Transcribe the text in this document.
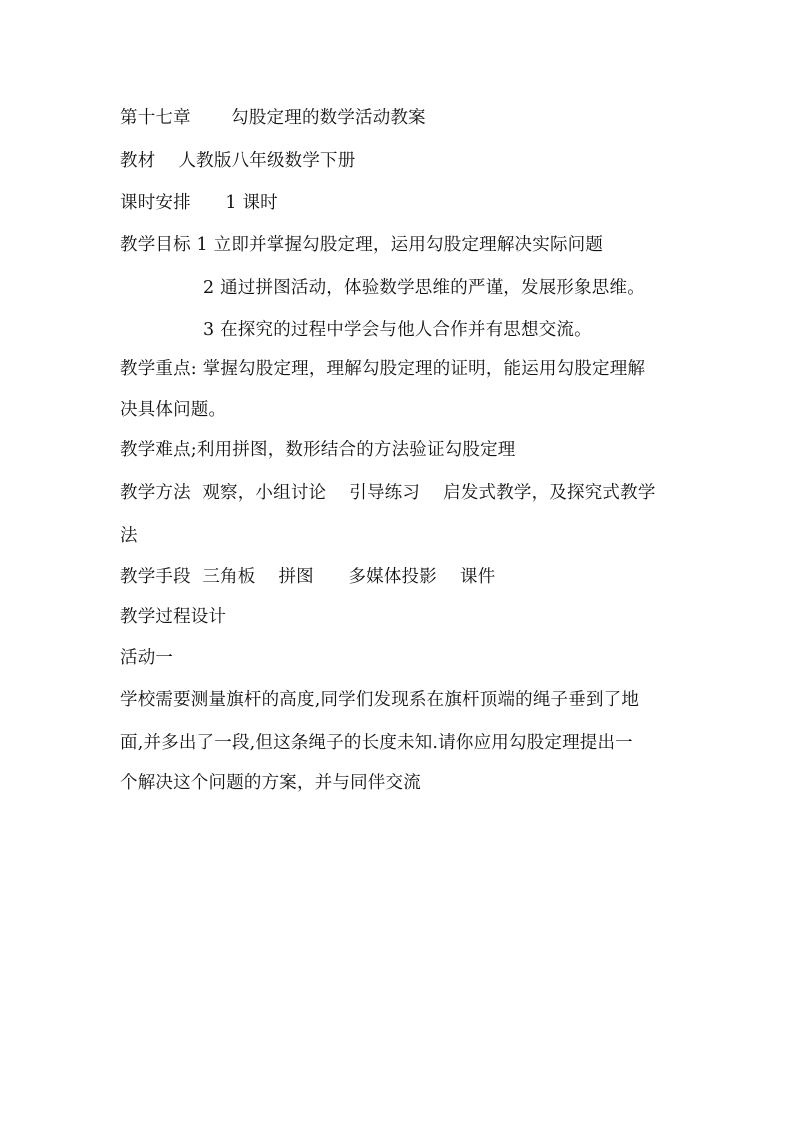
第十七章       勾股定理的数学活动教案
教材    人教版八年级数学下册
课时安排      1 课时
教学目标 1 立即并掌握勾股定理，运用勾股定理解决实际问题
2 通过拼图活动，体验数学思维的严谨，发展形象思维。
3 在探究的过程中学会与他人合作并有思想交流。
教学重点: 掌握勾股定理，理解勾股定理的证明，能运用勾股定理解
决具体问题。
教学难点;利用拼图，数形结合的方法验证勾股定理
教学方法  观察，小组讨论    引导练习    启发式教学，及探究式教学
法
教学手段  三角板    拼图      多媒体投影    课件
教学过程设计
活动一
学校需要测量旗杆的高度,同学们发现系在旗杆顶端的绳子垂到了地
面,并多出了一段,但这条绳子的长度未知.请你应用勾股定理提出一
个解决这个问题的方案，并与同伴交流
